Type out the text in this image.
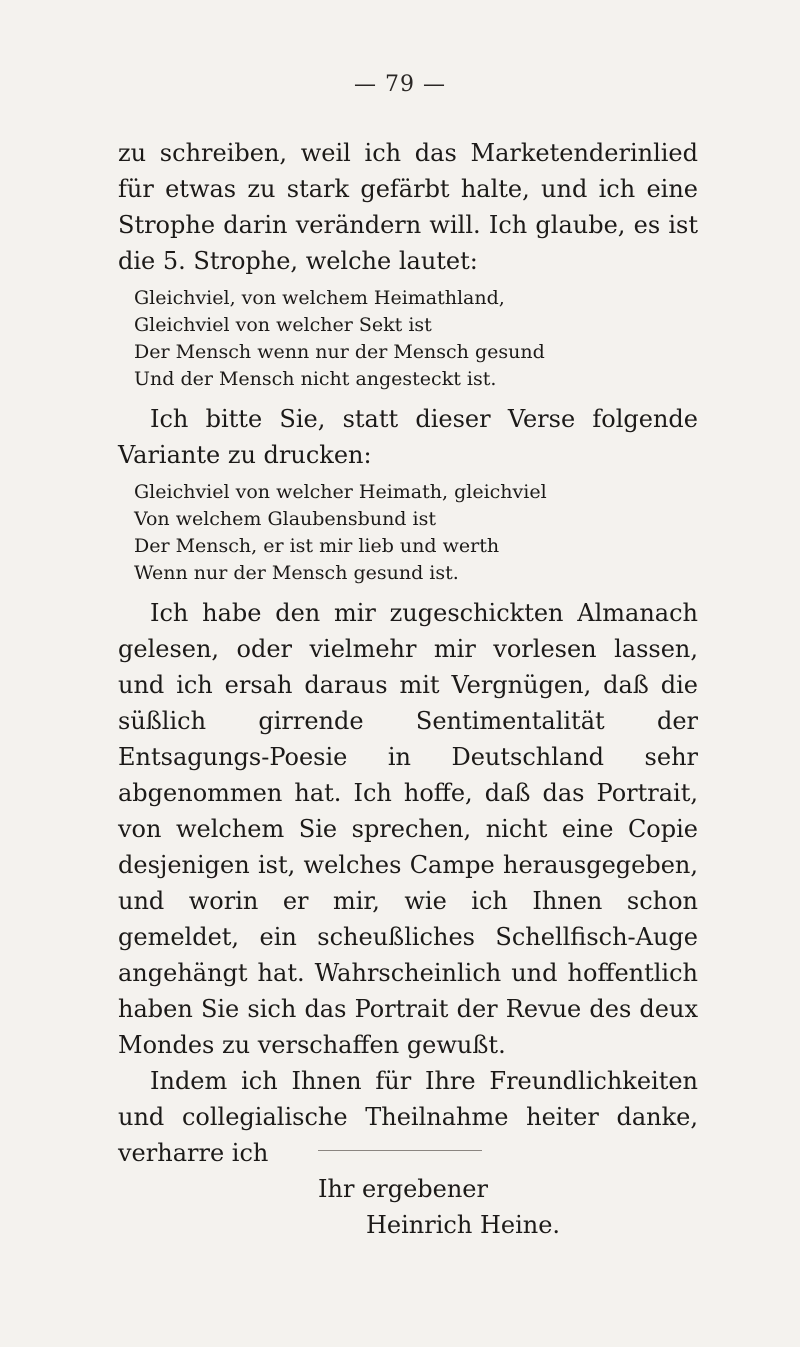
— 79 —

zu schreiben, weil ich das Marketenderinlied für etwas zu stark gefärbt halte, und ich eine Strophe darin verändern will. Ich glaube, es ist die 5. Strophe, welche lautet:

Gleichviel, von welchem Heimathland,
Gleichviel von welcher Sekt ist
Der Mensch wenn nur der Mensch gesund
Und der Mensch nicht angesteckt ist.

Ich bitte Sie, statt dieser Verse folgende Variante zu drucken:

Gleichviel von welcher Heimath, gleichviel
Von welchem Glaubensbund ist
Der Mensch, er ist mir lieb und werth
Wenn nur der Mensch gesund ist.

Ich habe den mir zugeschickten Almanach gelesen, oder vielmehr mir vorlesen lassen, und ich ersah daraus mit Vergnügen, daß die süßlich girrende Sentimentalität der Entsagungs-Poesie in Deutschland sehr abgenommen hat. Ich hoffe, daß das Portrait, von welchem Sie sprechen, nicht eine Copie desjenigen ist, welches Campe herausgegeben, und worin er mir, wie ich Ihnen schon gemeldet, ein scheußliches Schellfisch-Auge angehängt hat. Wahrscheinlich und hoffentlich haben Sie sich das Portrait der Revue des deux Mondes zu verschaffen gewußt.

Indem ich Ihnen für Ihre Freundlichkeiten und collegialische Theilnahme heiter danke, verharre ich

Ihr ergebener
Heinrich Heine.
